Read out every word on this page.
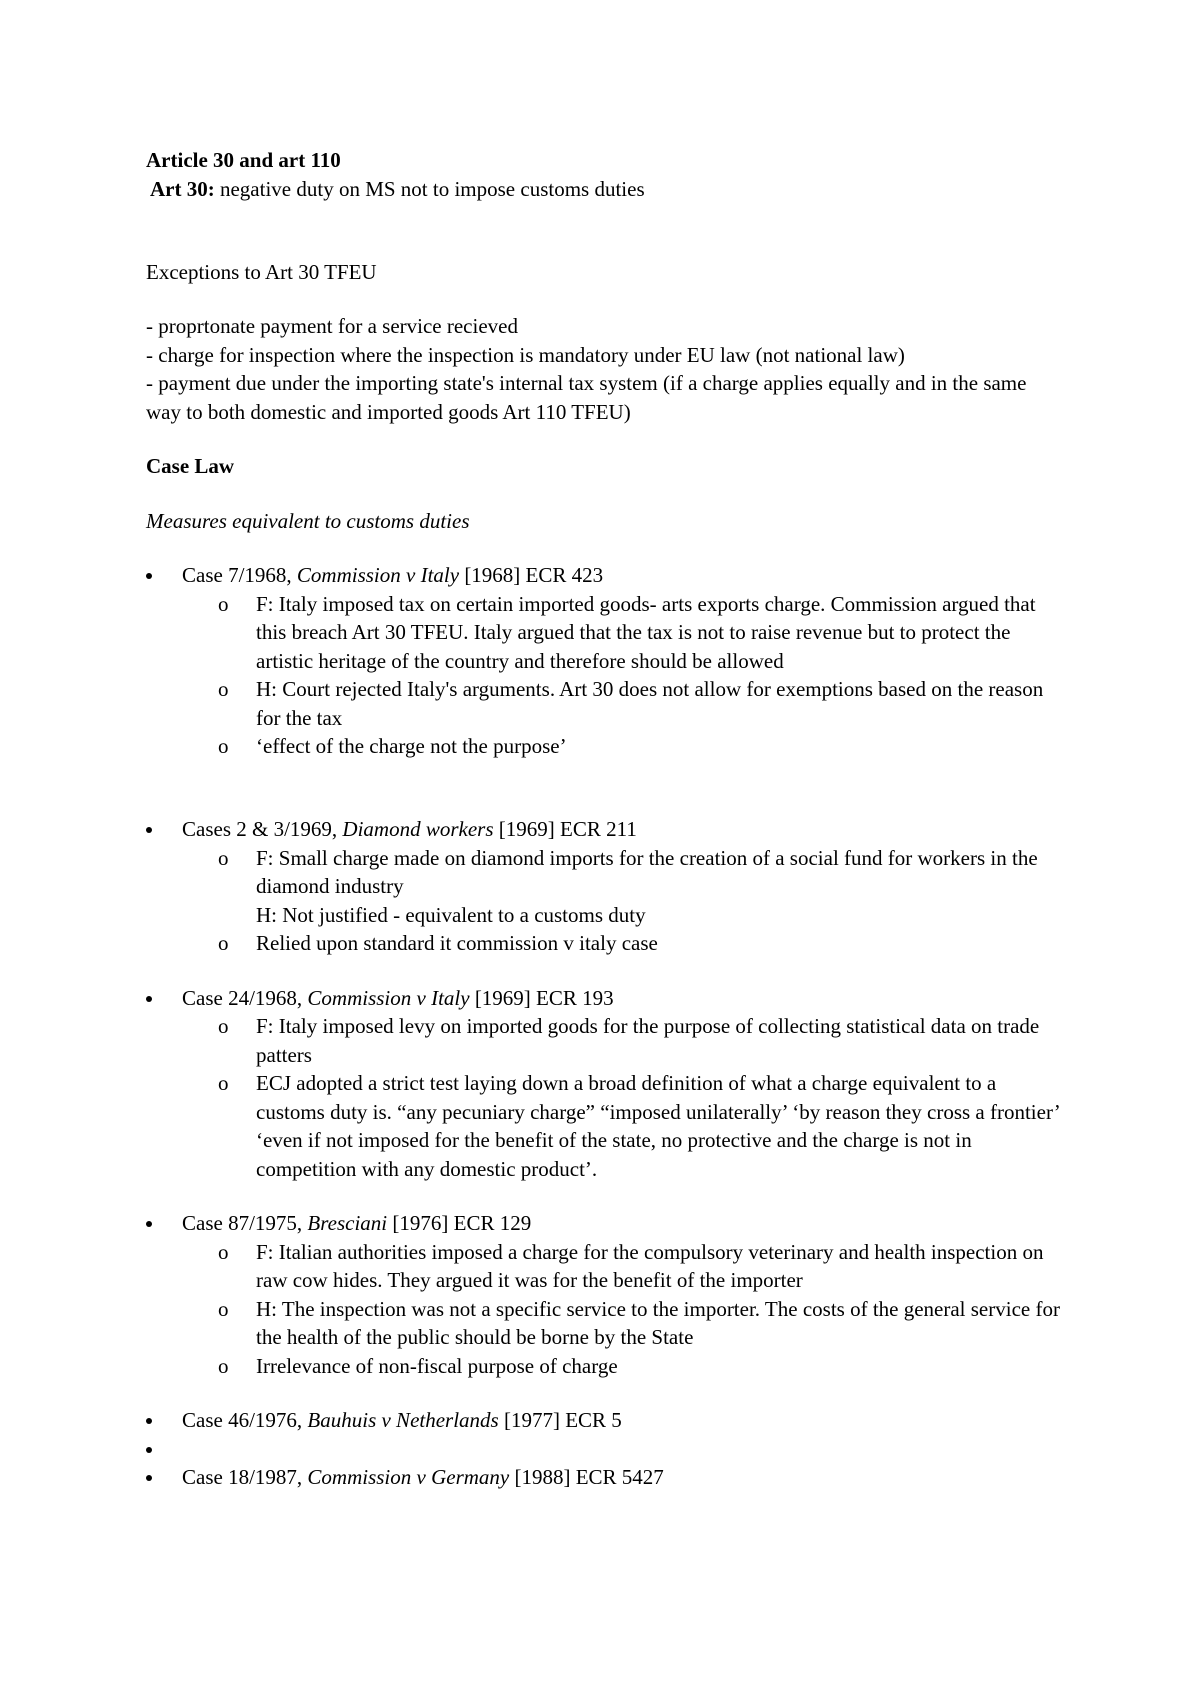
Article 30 and art 110

Art 30: negative duty on MS not to impose customs duties

Exceptions to Art 30 TFEU

- proprtonate payment for a service recieved

- charge for inspection where the inspection is mandatory under EU law (not national law)

- payment due under the importing state's internal tax system (if a charge applies equally and in the same way to both domestic and imported goods Art 110 TFEU)

Case Law

Measures equivalent to customs duties

Case 7/1968, Commission v Italy [1968] ECR 423
o F: Italy imposed tax on certain imported goods- arts exports charge. Commission argued that this breach Art 30 TFEU. Italy argued that the tax is not to raise revenue but to protect the artistic heritage of the country and therefore should be allowed
o H: Court rejected Italy's arguments. Art 30 does not allow for exemptions based on the reason for the tax
o ‘effect of the charge not the purpose’
Cases 2 & 3/1969, Diamond workers [1969] ECR 211
o F: Small charge made on diamond imports for the creation of a social fund for workers in the diamond industry

H: Not justified - equivalent to a customs duty

o Relied upon standard it commission v italy case
Case 24/1968, Commission v Italy [1969] ECR 193
o F: Italy imposed levy on imported goods for the purpose of collecting statistical data on trade patters
o ECJ adopted a strict test laying down a broad definition of what a charge equivalent to a customs duty is. “any pecuniary charge” “imposed unilaterally’ ‘by reason they cross a frontier’ ‘even if not imposed for the benefit of the state, no protective and the charge is not in competition with any domestic product’.
Case 87/1975, Bresciani [1976] ECR 129
o F: Italian authorities imposed a charge for the compulsory veterinary and health inspection on raw cow hides. They argued it was for the benefit of the importer
o H: The inspection was not a specific service to the importer. The costs of the general service for the health of the public should be borne by the State
o Irrelevance of non-fiscal purpose of charge
Case 46/1976, Bauhuis v Netherlands [1977] ECR 5

Case 18/1987, Commission v Germany [1988] ECR 5427
